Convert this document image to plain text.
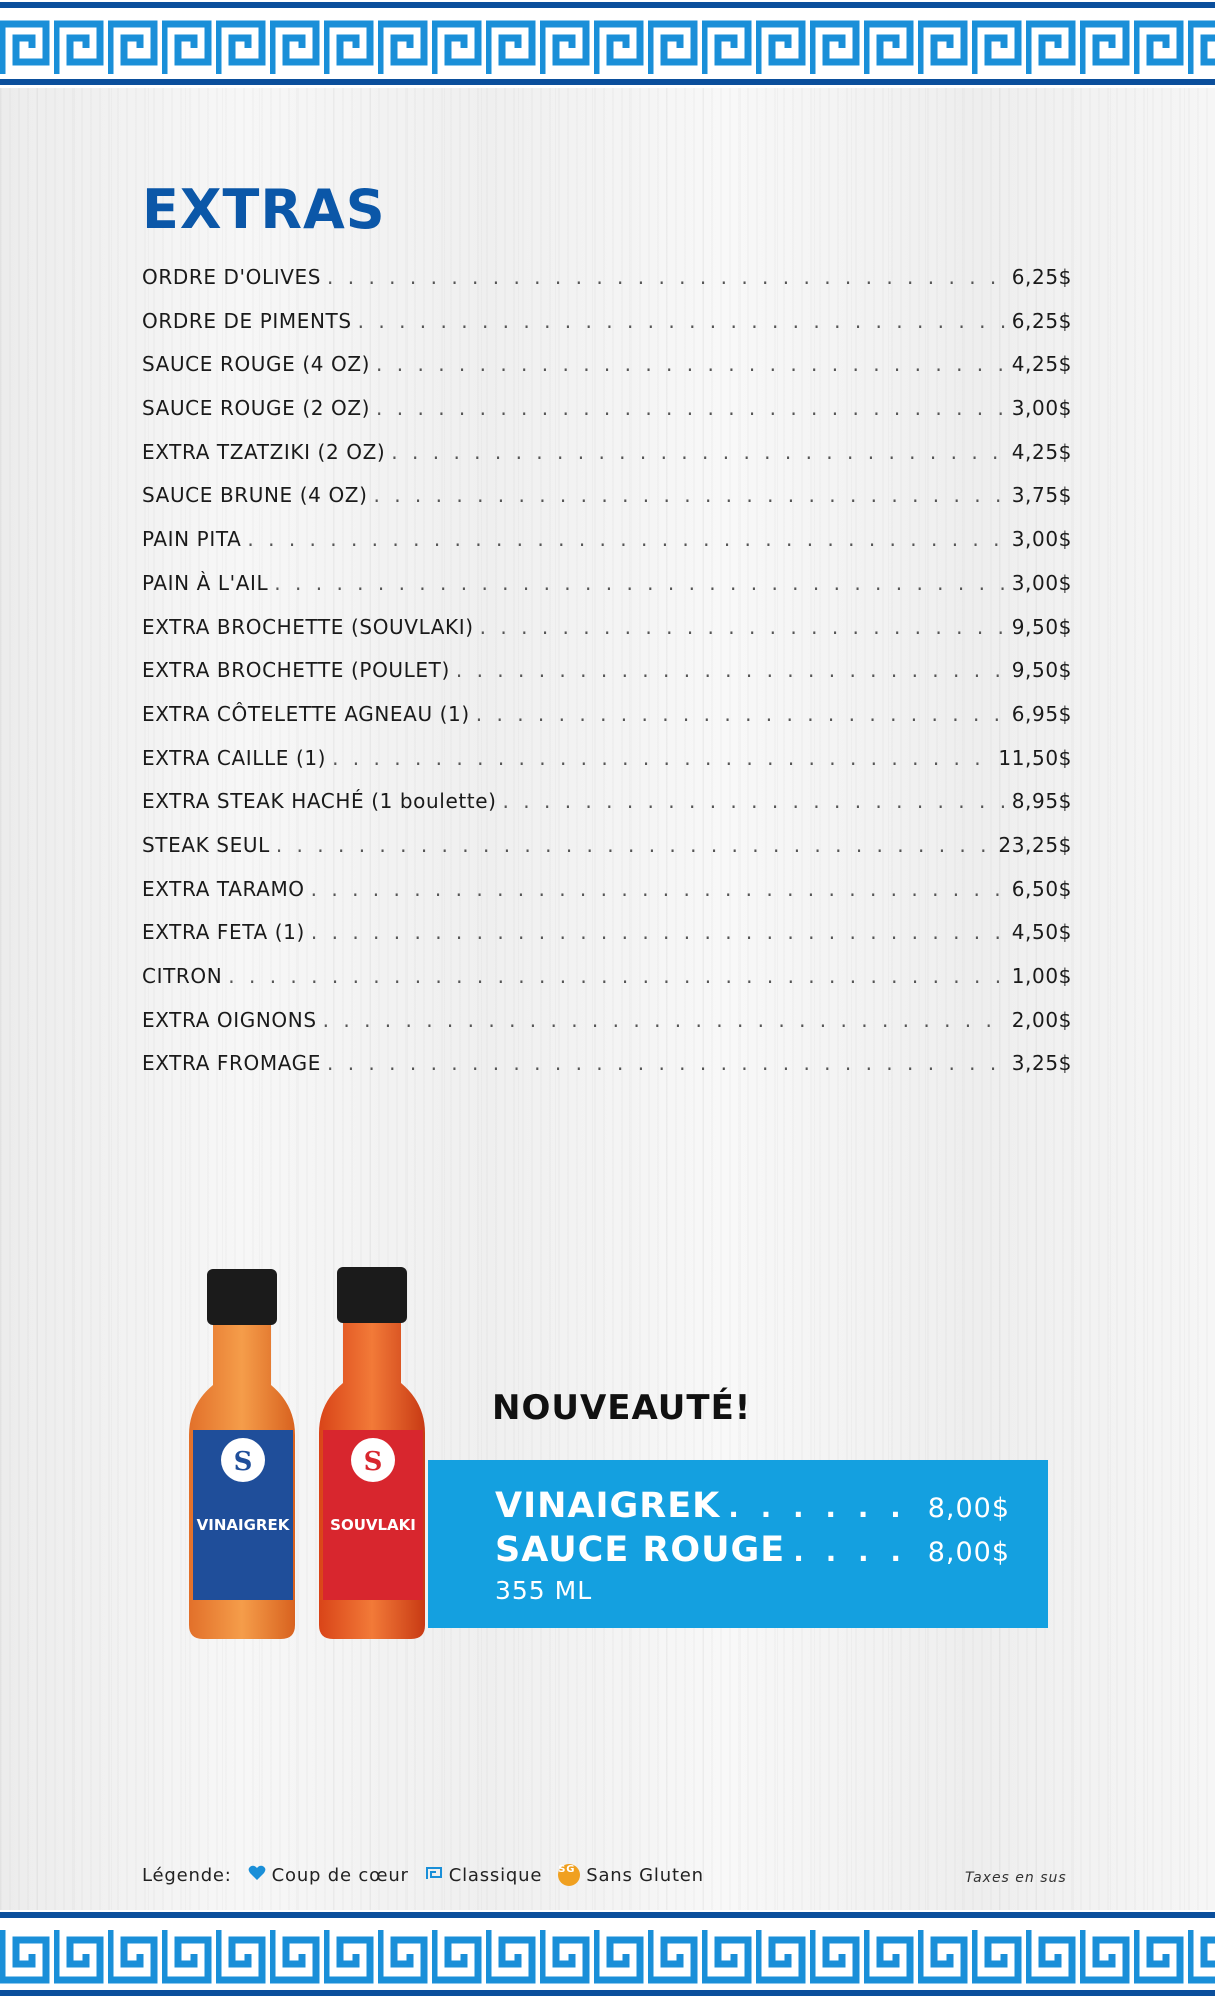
EXTRAS
ORDRE D'OLIVES . . .	6,25$
ORDRE DE PIMENTS . . .	6,25$
SAUCE ROUGE (4 OZ) . . .	4,25$
SAUCE ROUGE (2 OZ) . . .	3,00$
EXTRA TZATZIKI (2 OZ) . . .	4,25$
SAUCE BRUNE (4 OZ) . . .	3,75$
PAIN PITA . . .	3,00$
PAIN À L'AIL . . .	3,00$
EXTRA BROCHETTE (SOUVLAKI) . . .	9,50$
EXTRA BROCHETTE (POULET) . . .	9,50$
EXTRA CÔTELETTE AGNEAU (1) . . .	6,95$
EXTRA CAILLE (1) . . .	11,50$
EXTRA STEAK HACHÉ (1 boulette) . . .	8,95$
STEAK SEUL . . .	23,25$
EXTRA TARAMO . . .	6,50$
EXTRA FETA (1) . . .	4,50$
CITRON . . .	1,00$
EXTRA OIGNONS . . .	2,00$
EXTRA FROMAGE . . .	3,25$
S
VINAIGREK
S
SOUVLAKI
NOUVEAUTÉ!
VINAIGREK . . .	8,00$
SAUCE ROUGE . . .	8,00$
355 ML
Légende: Coup de cœur Classique SG Sans Gluten	Taxes en sus
